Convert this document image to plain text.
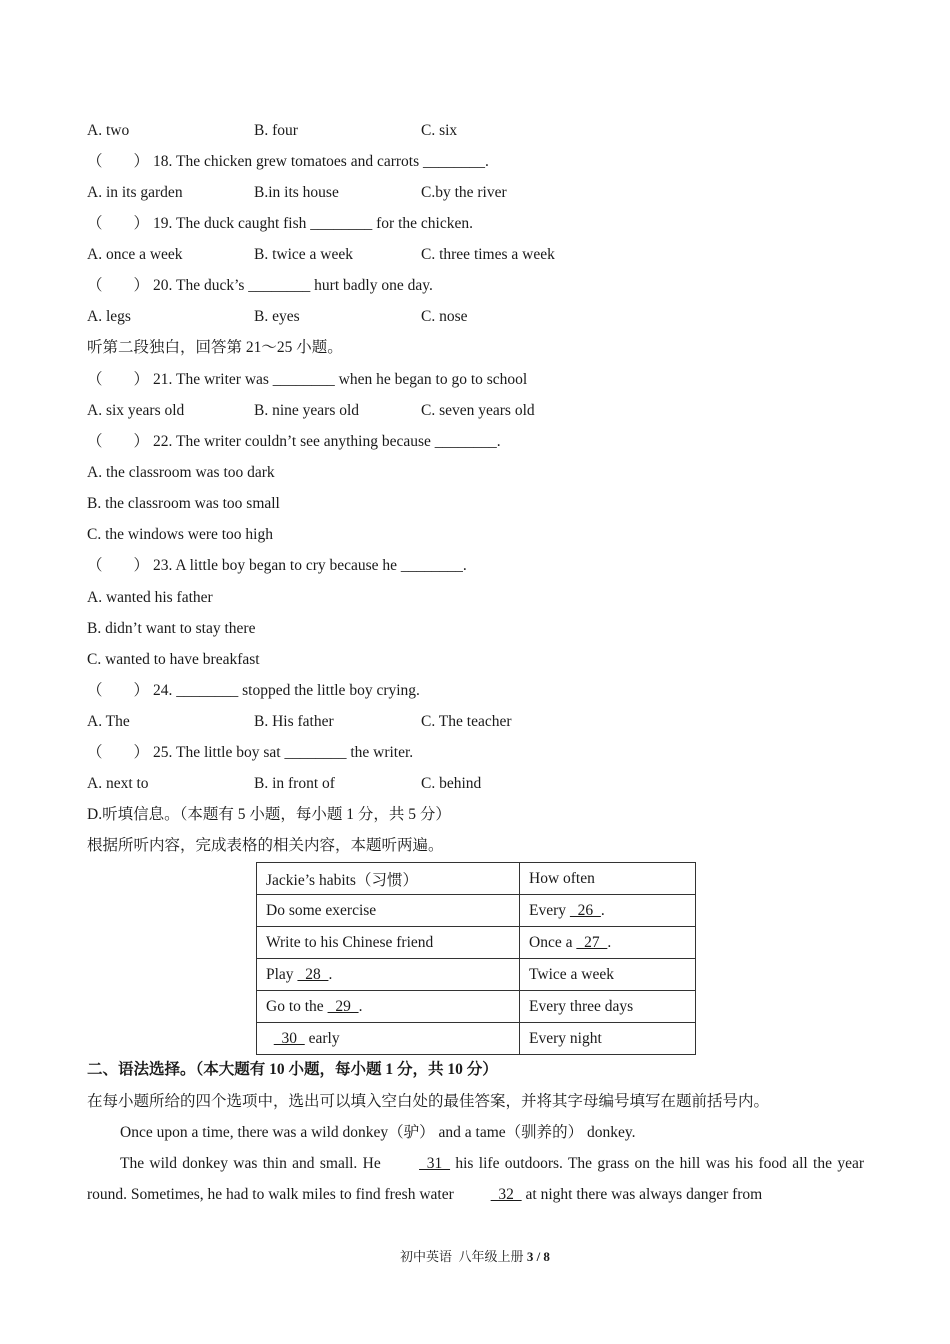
A. two	B. four	C. six
（　　） 18. The chicken grew tomatoes and carrots ________.
A. in its garden	B.in its house	C.by the river
（　　） 19. The duck caught fish ________ for the chicken.
A. once a week	B. twice a week	C. three times a week
（　　） 20. The duck’s ________ hurt badly one day.
A. legs	B. eyes	C. nose
听第二段独白，回答第 21～25 小题。
（　　） 21. The writer was ________ when he began to go to school
A. six years old	B. nine years old	C. seven years old
（　　） 22. The writer couldn’t see anything because ________.
A. the classroom was too dark
B. the classroom was too small
C. the windows were too high
（　　） 23. A little boy began to cry because he ________.
A. wanted his father
B. didn’t want to stay there
C. wanted to have breakfast
（　　） 24. ________ stopped the little boy crying.
A. The	B. His father	C. The teacher
（　　） 25. The little boy sat ________ the writer.
A. next to	B. in front of	C. behind
D.听填信息。（本题有 5 小题，每小题 1 分，共 5 分）
根据所听内容，完成表格的相关内容，本题听两遍。
Jackie’s habits（习惯）	How often
Do some exercise	Every   26  .
Write to his Chinese friend	Once a   27  .
Play   28  .	Twice a week
Go to the   29  .	Every three days
30   early	Every night
二、语法选择。（本大题有 10 小题，每小题 1 分，共 10 分）
在每小题所给的四个选项中，选出可以填入空白处的最佳答案，并将其字母编号填写在题前括号内。
Once upon a time, there was a wild donkey（驴） and a tame（驯养的） donkey.
The wild donkey was thin and small. He   31   his life outdoors. The grass on the hill was his food all the year round. Sometimes, he had to walk miles to find fresh water   32   at night there was always danger from
初中英语  八年级上册 3 / 8
